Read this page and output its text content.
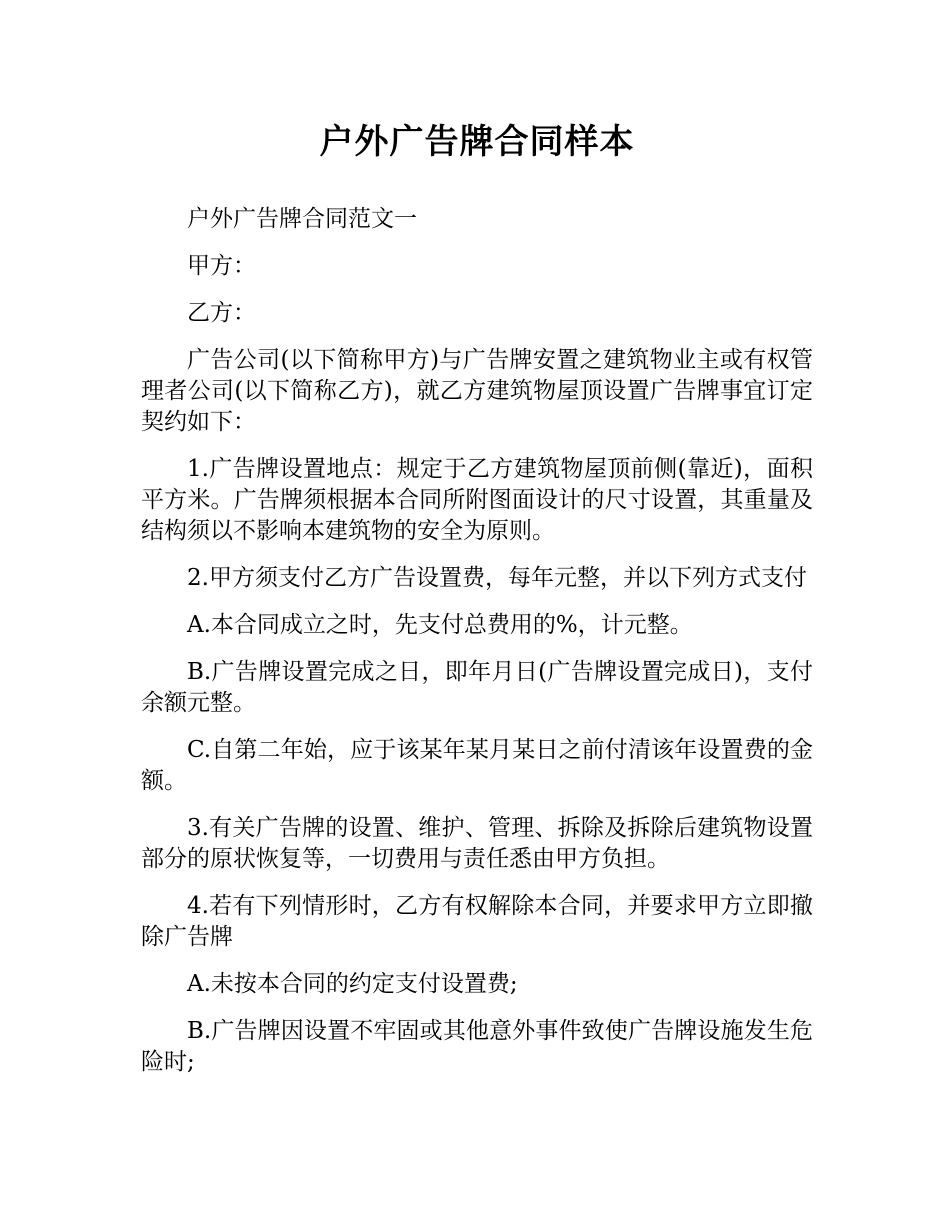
户外广告牌合同样本

户外广告牌合同范文一

甲方：

乙方：

广告公司(以下简称甲方)与广告牌安置之建筑物业主或有权管理者公司(以下简称乙方)，就乙方建筑物屋顶设置广告牌事宜订定契约如下：

1.广告牌设置地点：规定于乙方建筑物屋顶前侧(靠近)，面积平方米。广告牌须根据本合同所附图面设计的尺寸设置，其重量及结构须以不影响本建筑物的安全为原则。

2.甲方须支付乙方广告设置费，每年元整，并以下列方式支付

A.本合同成立之时，先支付总费用的%，计元整。

B.广告牌设置完成之日，即年月日(广告牌设置完成日)，支付余额元整。

C.自第二年始，应于该某年某月某日之前付清该年设置费的金额。

3.有关广告牌的设置、维护、管理、拆除及拆除后建筑物设置部分的原状恢复等，一切费用与责任悉由甲方负担。

4.若有下列情形时，乙方有权解除本合同，并要求甲方立即撤除广告牌

A.未按本合同的约定支付设置费;

B.广告牌因设置不牢固或其他意外事件致使广告牌设施发生危险时;
